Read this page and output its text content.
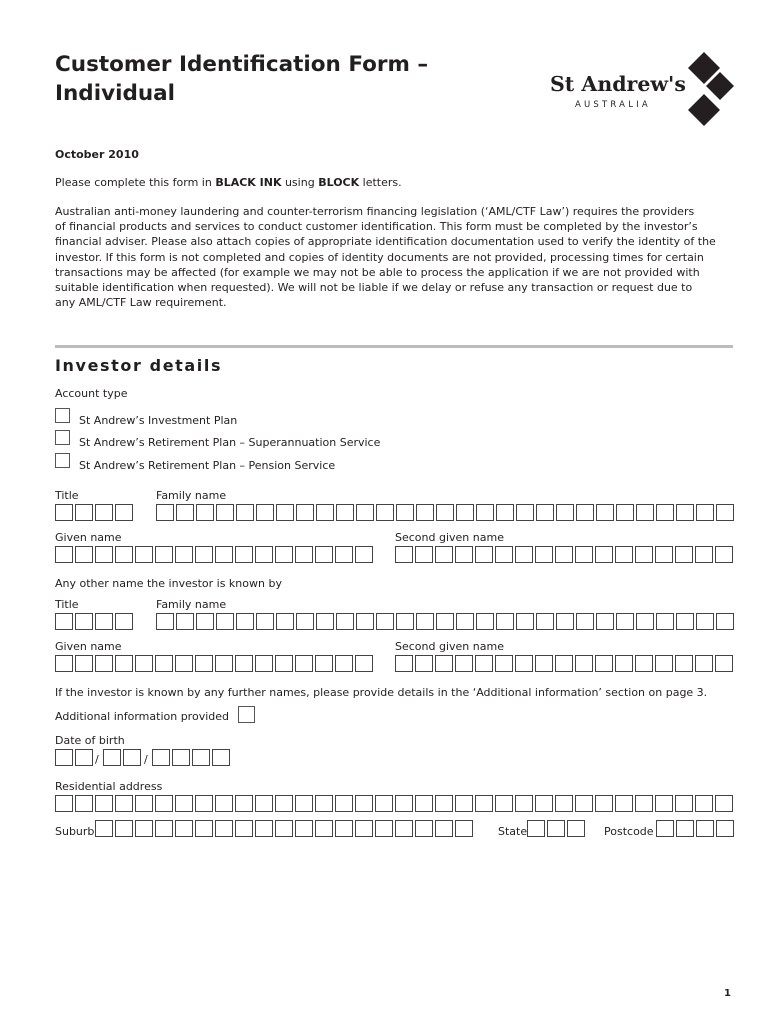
Customer Identification Form –
Individual	St Andrew's
AUSTRALIA
October 2010
Please complete this form in BLACK INK using BLOCK letters.
Australian anti-money laundering and counter-terrorism financing legislation (‘AML/CTF Law’) requires the providers
of financial products and services to conduct customer identification. This form must be completed by the investor’s
financial adviser. Please also attach copies of appropriate identification documentation used to verify the identity of the
investor. If this form is not completed and copies of identity documents are not provided, processing times for certain
transactions may be affected (for example we may not be able to process the application if we are not provided with
suitable identification when requested). We will not be liable if we delay or refuse any transaction or request due to
any AML/CTF Law requirement.
Investor details
Account type
St Andrew’s Investment Plan
St Andrew’s Retirement Plan – Superannuation Service
St Andrew’s Retirement Plan – Pension Service
Title	Family name
Given name	Second given name
Any other name the investor is known by
Title	Family name
Given name	Second given name
If the investor is known by any further names, please provide details in the ‘Additional information’ section on page 3.
Additional information provided
Date of birth
/	/
Residential address
Suburb	State	Postcode
1
